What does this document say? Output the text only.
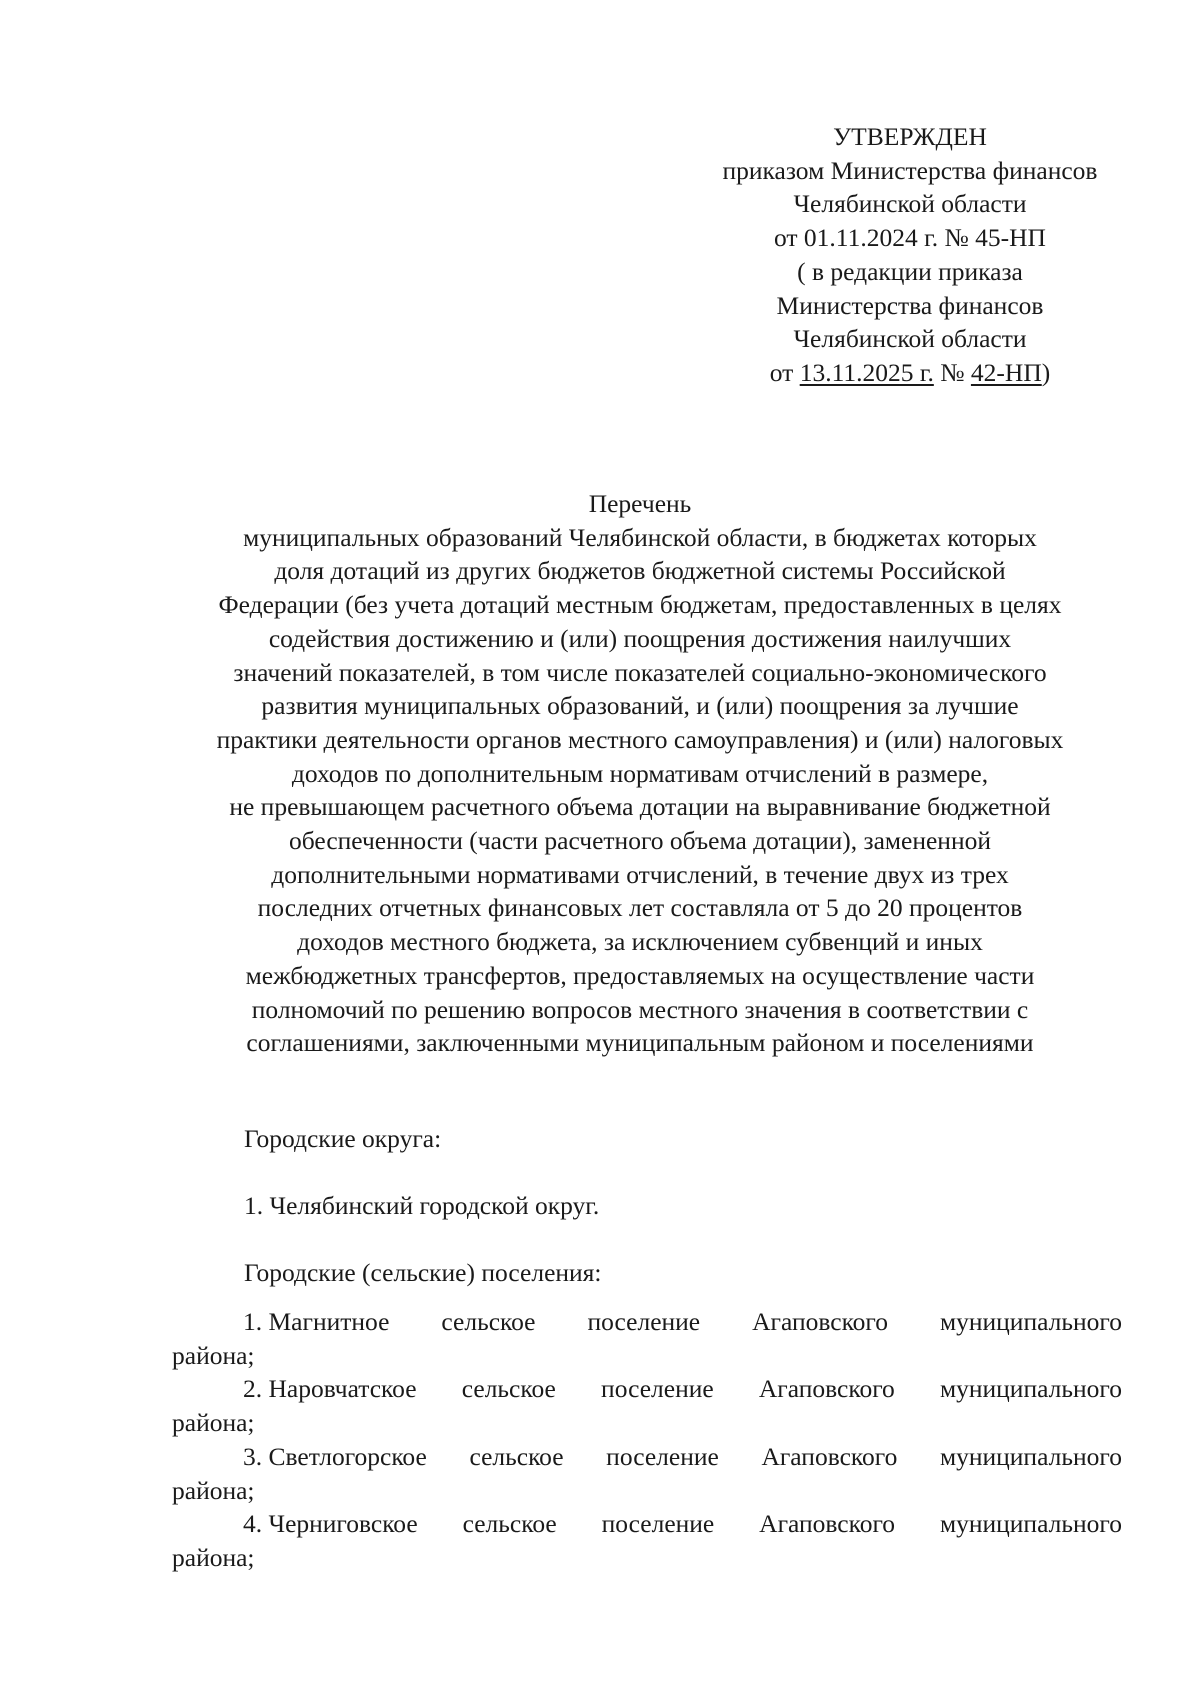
УТВЕРЖДЕН
приказом Министерства финансов
Челябинской области
от 01.11.2024 г. № 45-НП
( в редакции приказа
Министерства финансов
Челябинской области
от 13.11.2025 г. № 42-НП)
Перечень
муниципальных образований Челябинской области, в бюджетах которых
доля дотаций из других бюджетов бюджетной системы Российской
Федерации (без учета дотаций местным бюджетам, предоставленных в целях
содействия достижению и (или) поощрения достижения наилучших
значений показателей, в том числе показателей социально-экономического
развития муниципальных образований, и (или) поощрения за лучшие
практики деятельности органов местного самоуправления) и (или) налоговых
доходов по дополнительным нормативам отчислений в размере,
не превышающем расчетного объема дотации на выравнивание бюджетной
обеспеченности (части расчетного объема дотации), замененной
дополнительными нормативами отчислений, в течение двух из трех
последних отчетных финансовых лет составляла от 5 до 20 процентов
доходов местного бюджета, за исключением субвенций и иных
межбюджетных трансфертов, предоставляемых на осуществление части
полномочий по решению вопросов местного значения в соответствии с
соглашениями, заключенными муниципальным районом и поселениями
Городские округа:
1. Челябинский городской округ.
Городские (сельские) поселения:
1. Магнитное сельское поселение Агаповского муниципального
района;
2. Наровчатское сельское поселение Агаповского муниципального
района;
3. Светлогорское сельское поселение Агаповского муниципального
района;
4. Черниговское сельское поселение Агаповского муниципального
района;
